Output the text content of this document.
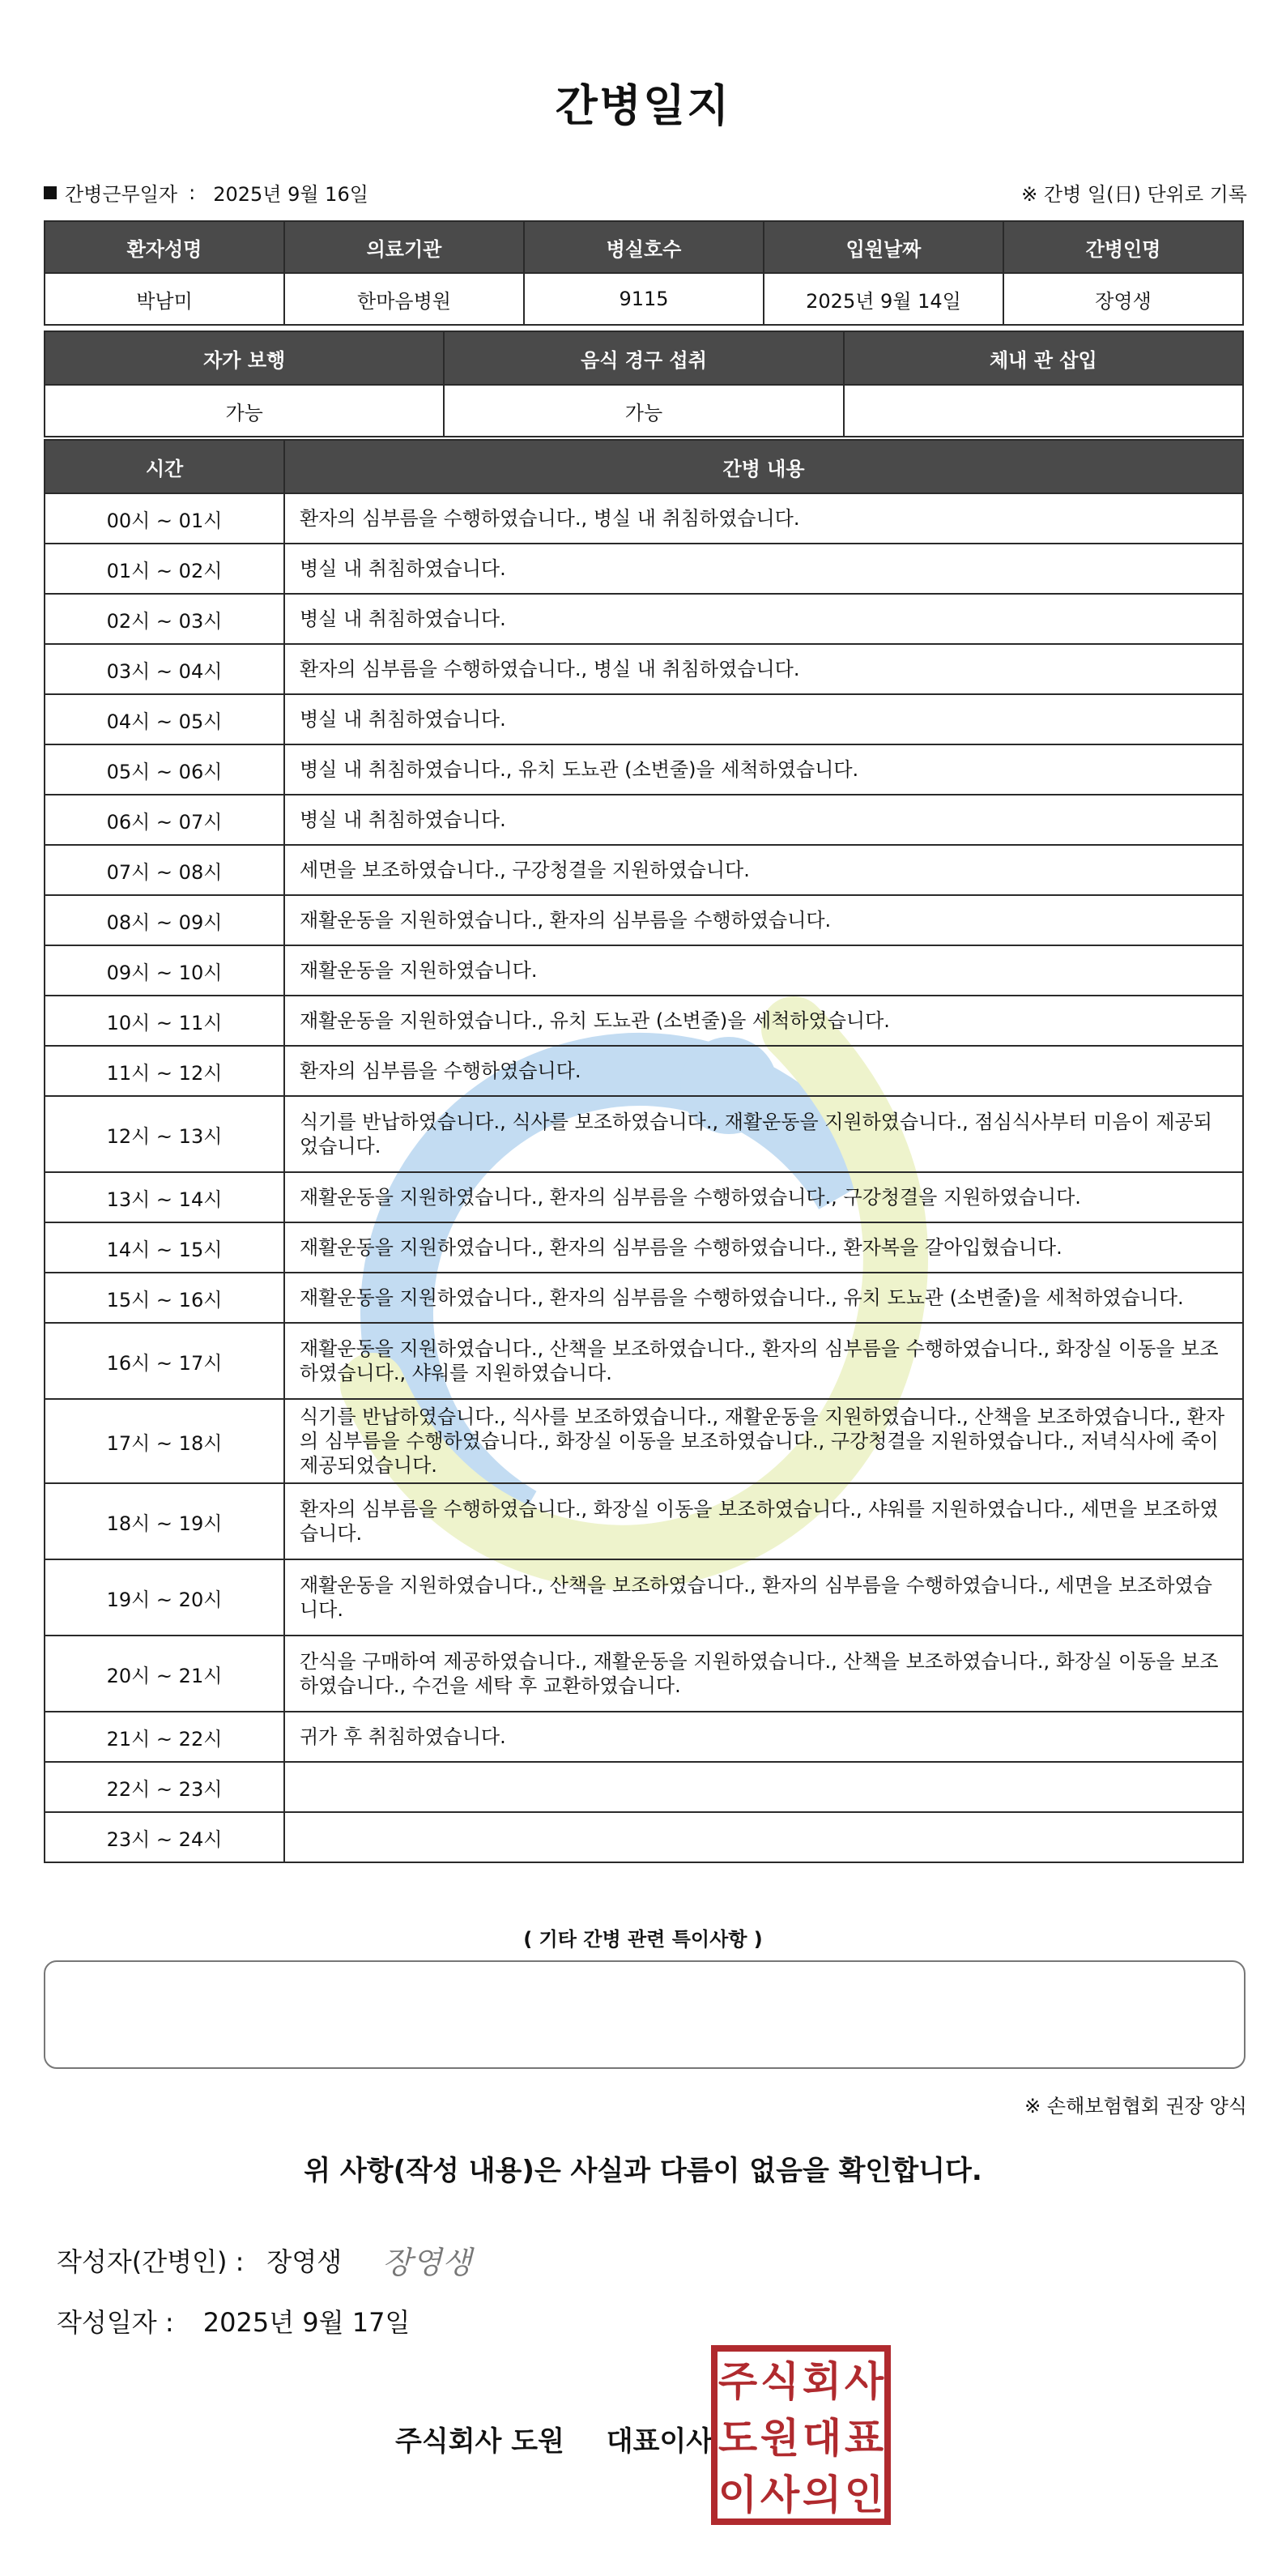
간병일지
간병근무일자 : 2025년 9월 16일	※ 간병 일(日) 단위로 기록
환자성명	의료기관	병실호수	입원날짜	간병인명
박남미	한마음병원	9115	2025년 9월 14일	장영생
자가 보행	음식 경구 섭취	체내 관 삽입
가능	가능	
시간	간병 내용
00시 ~ 01시	환자의 심부름을 수행하였습니다., 병실 내 취침하였습니다.
01시 ~ 02시	병실 내 취침하였습니다.
02시 ~ 03시	병실 내 취침하였습니다.
03시 ~ 04시	환자의 심부름을 수행하였습니다., 병실 내 취침하였습니다.
04시 ~ 05시	병실 내 취침하였습니다.
05시 ~ 06시	병실 내 취침하였습니다., 유치 도뇨관 (소변줄)을 세척하였습니다.
06시 ~ 07시	병실 내 취침하였습니다.
07시 ~ 08시	세면을 보조하였습니다., 구강청결을 지원하였습니다.
08시 ~ 09시	재활운동을 지원하였습니다., 환자의 심부름을 수행하였습니다.
09시 ~ 10시	재활운동을 지원하였습니다.
10시 ~ 11시	재활운동을 지원하였습니다., 유치 도뇨관 (소변줄)을 세척하였습니다.
11시 ~ 12시	환자의 심부름을 수행하였습니다.
12시 ~ 13시	식기를 반납하였습니다., 식사를 보조하였습니다., 재활운동을 지원하였습니다., 점심식사부터 미음이 제공되었습니다.
13시 ~ 14시	재활운동을 지원하였습니다., 환자의 심부름을 수행하였습니다., 구강청결을 지원하였습니다.
14시 ~ 15시	재활운동을 지원하였습니다., 환자의 심부름을 수행하였습니다., 환자복을 갈아입혔습니다.
15시 ~ 16시	재활운동을 지원하였습니다., 환자의 심부름을 수행하였습니다., 유치 도뇨관 (소변줄)을 세척하였습니다.
16시 ~ 17시	재활운동을 지원하였습니다., 산책을 보조하였습니다., 환자의 심부름을 수행하였습니다., 화장실 이동을 보조하였습니다., 샤워를 지원하였습니다.
17시 ~ 18시	식기를 반납하였습니다., 식사를 보조하였습니다., 재활운동을 지원하였습니다., 산책을 보조하였습니다., 환자의 심부름을 수행하였습니다., 화장실 이동을 보조하였습니다., 구강청결을 지원하였습니다., 저녁식사에 죽이 제공되었습니다.
18시 ~ 19시	환자의 심부름을 수행하였습니다., 화장실 이동을 보조하였습니다., 샤워를 지원하였습니다., 세면을 보조하였습니다.
19시 ~ 20시	재활운동을 지원하였습니다., 산책을 보조하였습니다., 환자의 심부름을 수행하였습니다., 세면을 보조하였습니다.
20시 ~ 21시	간식을 구매하여 제공하였습니다., 재활운동을 지원하였습니다., 산책을 보조하였습니다., 화장실 이동을 보조하였습니다., 수건을 세탁 후 교환하였습니다.
21시 ~ 22시	귀가 후 취침하였습니다.
22시 ~ 23시	
23시 ~ 24시	
( 기타 간병 관련 특이사항 )
※ 손해보험협회 권장 양식
위 사항(작성 내용)은 사실과 다름이 없음을 확인합니다.
작성자(간병인) : 장영생 장영생
작성일자 : 2025년 9월 17일
주식회사 도원 대표이사
주 식 회 사
도 원 대 표
이 사 의 인
